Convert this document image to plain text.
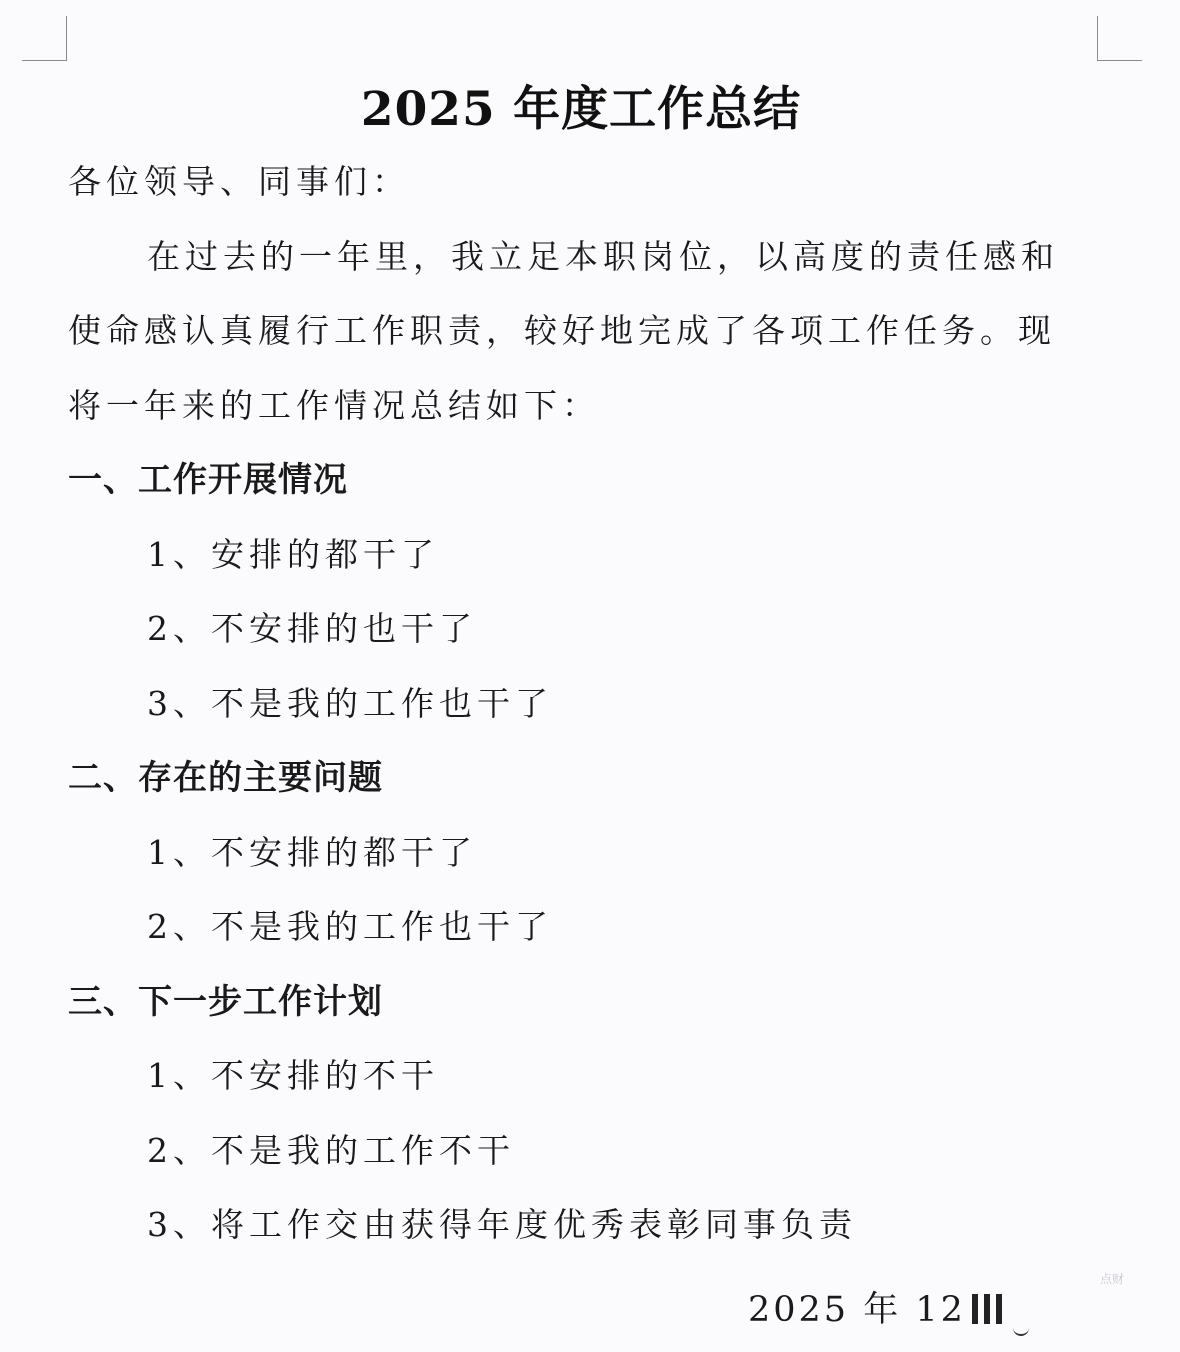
2025 年度工作总结
各位领导、同事们：
在过去的一年里，我立足本职岗位，以高度的责任感和
使命感认真履行工作职责，较好地完成了各项工作任务。现
将一年来的工作情况总结如下：
一、工作开展情况
1、安排的都干了
2、不安排的也干了
3、不是我的工作也干了
二、存在的主要问题
1、不安排的都干了
2、不是我的工作也干了
三、下一步工作计划
1、不安排的不干
2、不是我的工作不干
3、将工作交由获得年度优秀表彰同事负责
2025 年 12
点财
